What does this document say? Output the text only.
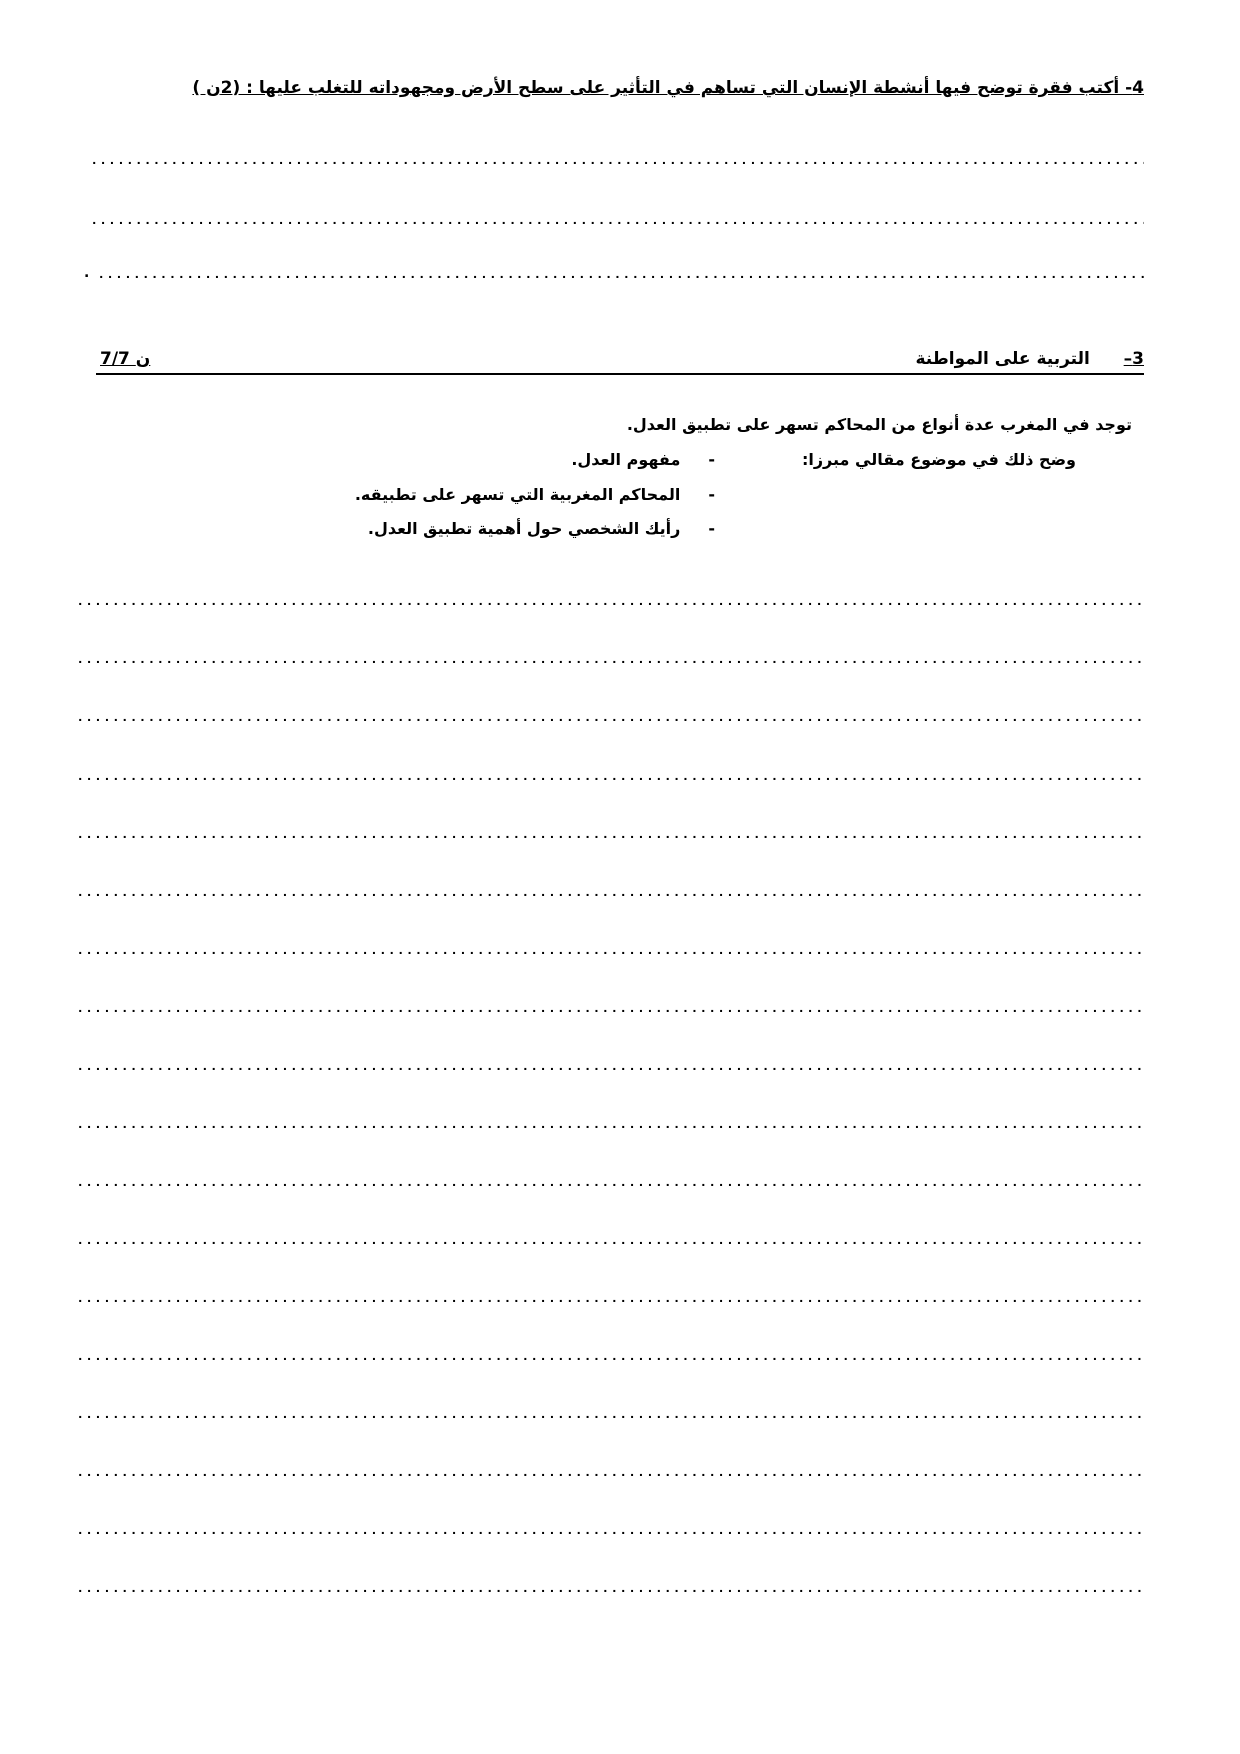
4- أكتب فقرة توضح فيها أنشطة الإنسان التي تساهم في التأثير على سطح الأرض ومجهوداته للتغلب عليها : (2ن )
.....
.....
.....
.
3–  التربية على المواطنة
7/7 ن
توجد في المغرب عدة أنواع من المحاكم تسهر على تطبيق العدل.
وضح ذلك في موضوع مقالي مبرزا:
-مفهوم العدل.
-المحاكم المغربية التي تسهر على تطبيقه.
-رأيك الشخصي حول أهمية تطبيق العدل.
.....
.....
.....
.....
.....
.....
.....
.....
.....
.....
.....
.....
.....
.....
.....
.....
.....
.....
